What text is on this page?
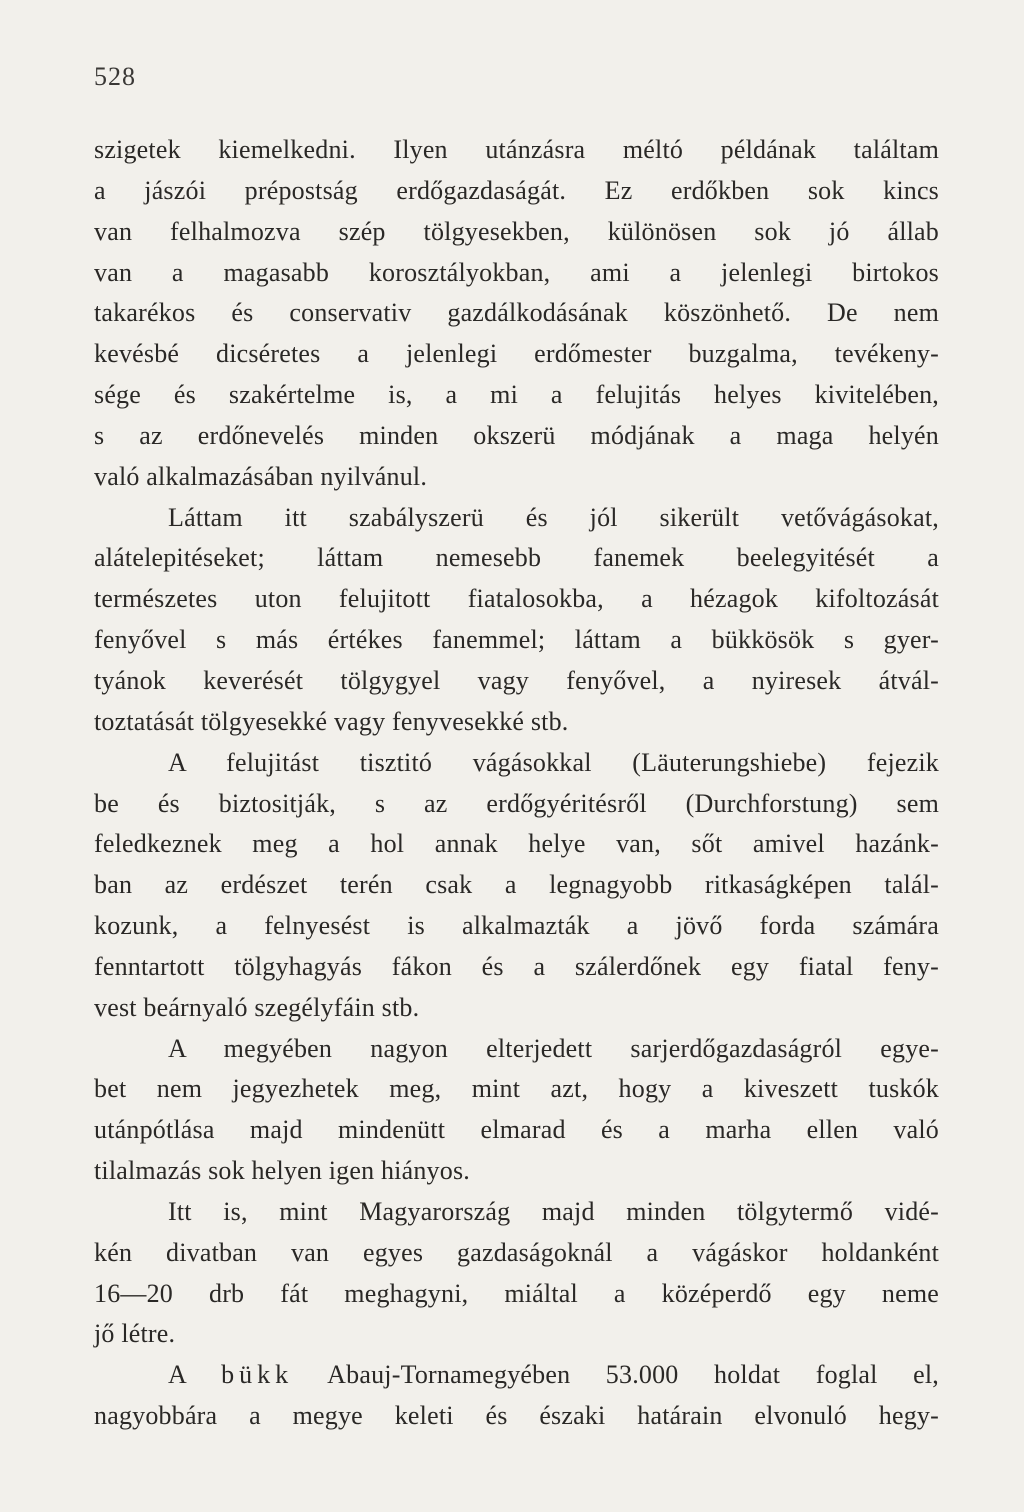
528
szigetek kiemelkedni. Ilyen utánzásra méltó példának találtam
a jászói prépostság erdőgazdaságát. Ez erdőkben sok kincs
van felhalmozva szép tölgyesekben, különösen sok jó állab
van a magasabb korosztályokban, ami a jelenlegi birtokos
takarékos és conservativ gazdálkodásának köszönhető. De nem
kevésbé dicséretes a jelenlegi erdőmester buzgalma, tevékeny-
sége és szakértelme is, a mi a felujitás helyes kivitelében,
s az erdőnevelés minden okszerü módjának a maga helyén
való alkalmazásában nyilvánul.
Láttam itt szabályszerü és jól sikerült vetővágásokat,
alátelepitéseket; láttam nemesebb fanemek beelegyitését a
természetes uton felujitott fiatalosokba, a hézagok kifoltozását
fenyővel s más értékes fanemmel; láttam a bükkösök s gyer-
tyánok keverését tölgygyel vagy fenyővel, a nyiresek átvál-
toztatását tölgyesekké vagy fenyvesekké stb.
A felujitást tisztitó vágásokkal (Läuterungshiebe) fejezik
be és biztositják, s az erdőgyéritésről (Durchforstung) sem
feledkeznek meg a hol annak helye van, sőt amivel hazánk-
ban az erdészet terén csak a legnagyobb ritkaságképen talál-
kozunk, a felnyesést is alkalmazták a jövő forda számára
fenntartott tölgyhagyás fákon és a szálerdőnek egy fiatal feny-
vest beárnyaló szegélyfáin stb.
A megyében nagyon elterjedett sarjerdőgazdaságról egye-
bet nem jegyezhetek meg, mint azt, hogy a kiveszett tuskók
utánpótlása majd mindenütt elmarad és a marha ellen való
tilalmazás sok helyen igen hiányos.
Itt is, mint Magyarország majd minden tölgytermő vidé-
kén divatban van egyes gazdaságoknál a vágáskor holdanként
16—20 drb fát meghagyni, miáltal a középerdő egy neme
jő létre.
A bükk Abauj-Tornamegyében 53.000 holdat foglal el,
nagyobbára a megye keleti és északi határain elvonuló hegy-
